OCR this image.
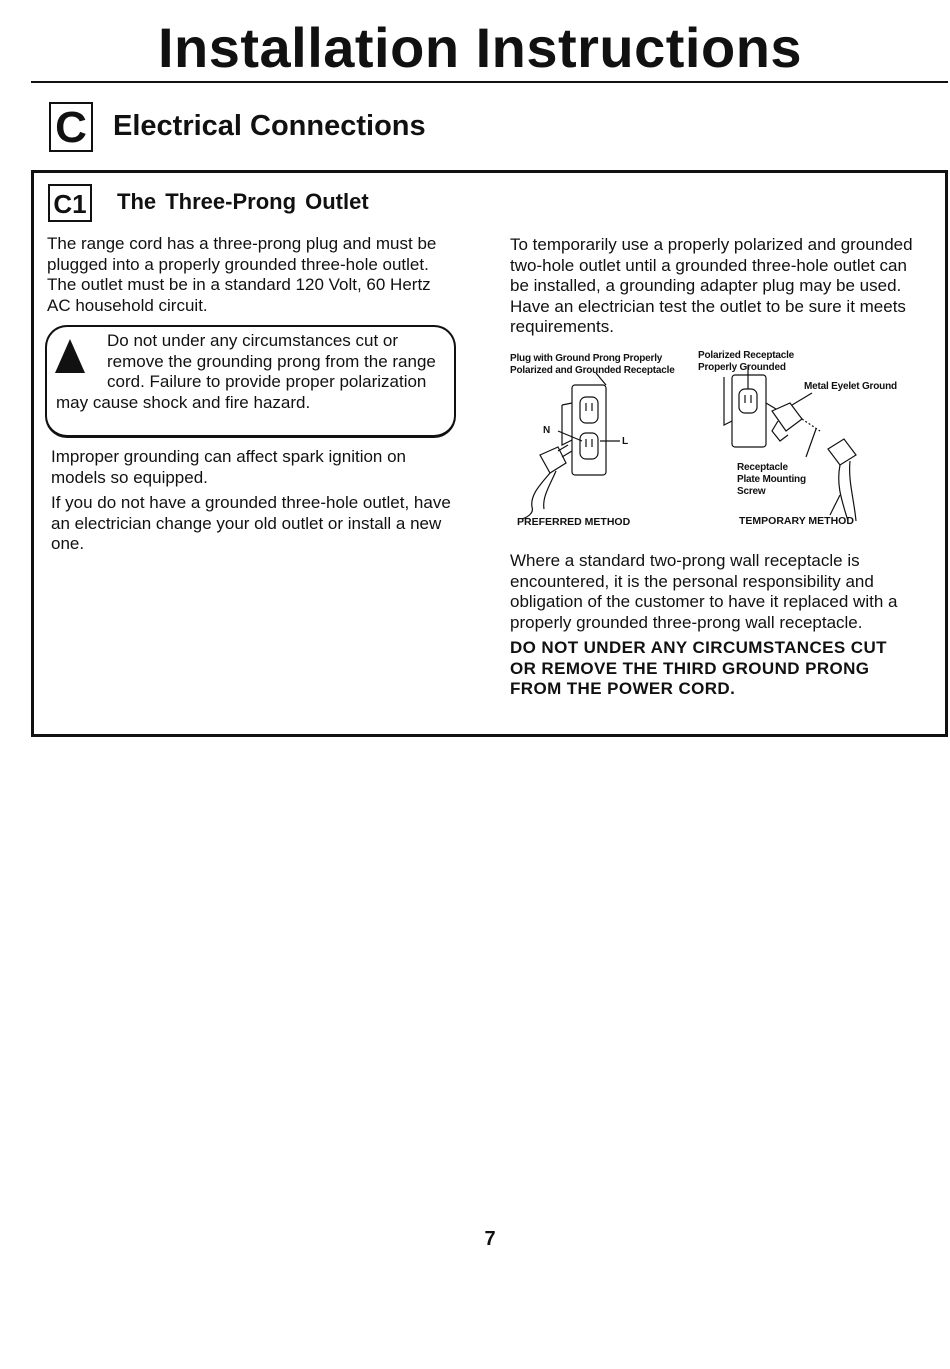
Installation Instructions
C Electrical Connections
C1 The Three-Prong Outlet

The range cord has a three-prong plug and must be plugged into a properly grounded three-hole outlet. The outlet must be in a standard 120 Volt, 60 Hertz AC household circuit.

Do not under any circumstances cut or remove the grounding prong from the range cord. Failure to provide proper polarization may cause shock and fire hazard.

Improper grounding can affect spark ignition on models so equipped.

If you do not have a grounded three-hole outlet, have an electrician change your old outlet or install a new one.

To temporarily use a properly polarized and grounded two-hole outlet until a grounded three-hole outlet can be installed, a grounding adapter plug may be used. Have an electrician test the outlet to be sure it meets requirements.

Plug with Ground Prong Properly
Polarized and Grounded Receptacle
Polarized Receptacle
Properly Grounded
Metal Eyelet Ground
N
L
Receptacle
Plate Mounting
Screw
PREFERRED METHOD	TEMPORARY METHOD

Where a standard two-prong wall receptacle is encountered, it is the personal responsibility and obligation of the customer to have it replaced with a properly grounded three-prong wall receptacle.

DO NOT UNDER ANY CIRCUMSTANCES CUT OR REMOVE THE THIRD GROUND PRONG FROM THE POWER CORD.

7
